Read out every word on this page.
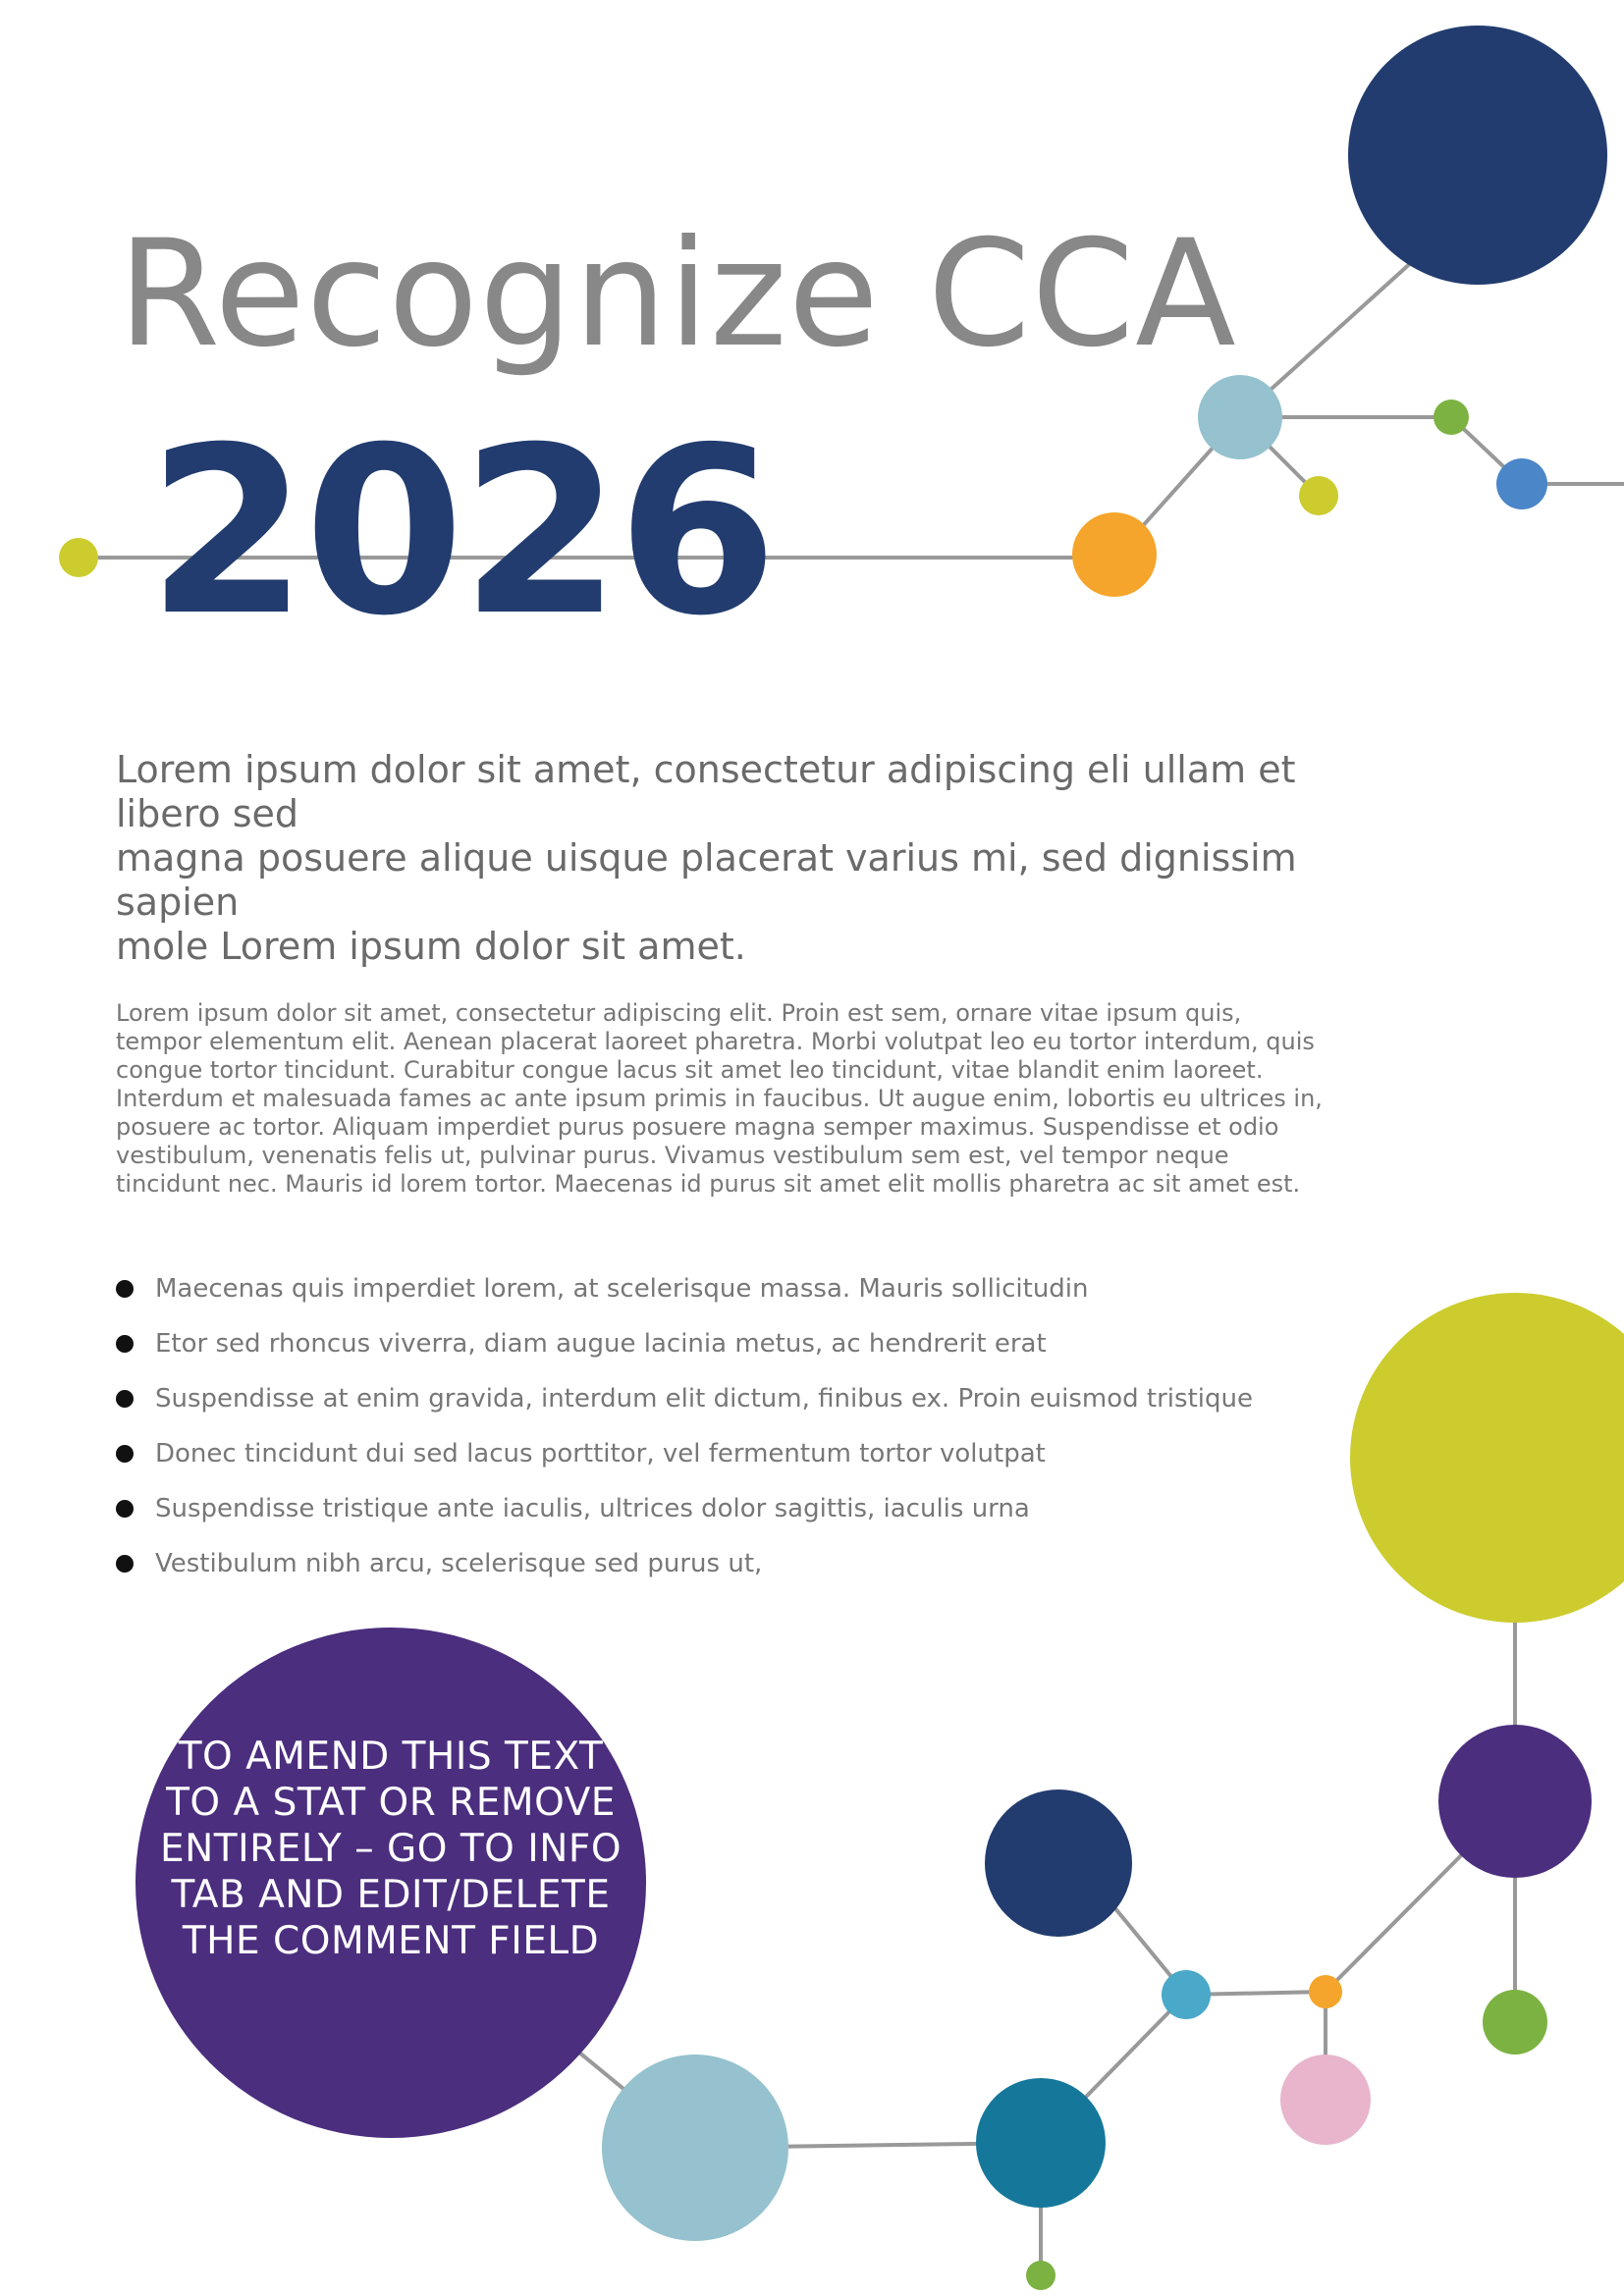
Recognize CCA
2026

Lorem ipsum dolor sit amet, consectetur adipiscing eli ullam et libero sed
magna posuere alique uisque placerat varius mi, sed dignissim sapien
mole Lorem ipsum dolor sit amet.

Lorem ipsum dolor sit amet, consectetur adipiscing elit. Proin est sem, ornare vitae ipsum quis, tempor elementum elit. Aenean placerat laoreet pharetra. Morbi volutpat leo eu tortor interdum, quis congue tortor tincidunt. Curabitur congue lacus sit amet leo tincidunt, vitae blandit enim laoreet. Interdum et malesuada fames ac ante ipsum primis in faucibus. Ut augue enim, lobortis eu ultrices in, posuere ac tortor. Aliquam imperdiet purus posuere magna semper maximus. Suspendisse et odio vestibulum, venenatis felis ut, pulvinar purus. Vivamus vestibulum sem est, vel tempor neque tincidunt nec. Mauris id lorem tortor. Maecenas id purus sit amet elit mollis pharetra ac sit amet est.

Maecenas quis imperdiet lorem, at scelerisque massa. Mauris sollicitudin
Etor sed rhoncus viverra, diam augue lacinia metus, ac hendrerit erat
Suspendisse at enim gravida, interdum elit dictum, finibus ex. Proin euismod tristique
Donec tincidunt dui sed lacus porttitor, vel fermentum tortor volutpat
Suspendisse tristique ante iaculis, ultrices dolor sagittis, iaculis urna
Vestibulum nibh arcu, scelerisque sed purus ut,
TO AMEND THIS TEXT TO A STAT OR REMOVE ENTIRELY – GO TO INFO TAB AND EDIT/DELETE THE COMMENT FIELD
